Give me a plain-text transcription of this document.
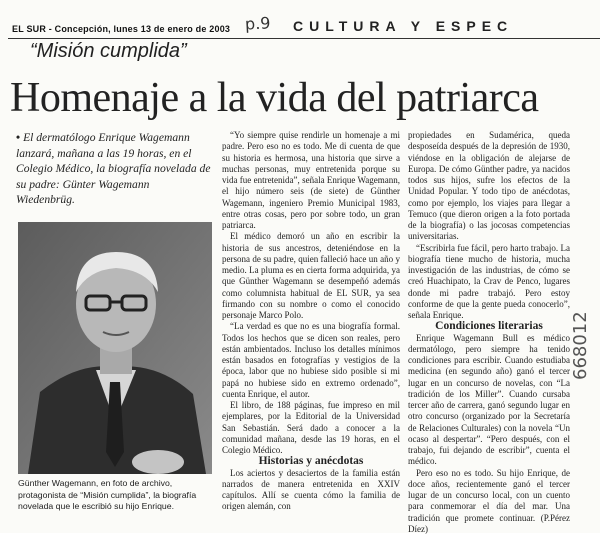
EL SUR - Concepción, lunes 13 de enero de 2003 p.9 CULTURA Y ESPEC
“Misión cumplida”
Homenaje a la vida del patriarca
• El dermatólogo Enrique Wagemann lanzará, mañana a las 19 horas, en el Colegio Médico, la biografía novelada de su padre: Günter Wagemann Wiedenbrüg.
Günther Wagemann, en foto de archivo, protagonista de “Misión cumplida”, la biografía novelada que le escribió su hijo Enrique.

“Yo siempre quise rendirle un homenaje a mi padre. Pero eso no es todo. Me di cuenta de que su historia es hermosa, una historia que sirve a muchas personas, muy entretenida porque su vida fue entretenida”, señala Enrique Wagemann, el hijo número seis (de siete) de Günther Wagemann, ingeniero Premio Municipal 1983, entre otras cosas, pero por sobre todo, un gran patriarca.

El médico demoró un año en escribir la historia de sus ancestros, deteniéndose en la persona de su padre, quien falleció hace un año y medio. La pluma es en cierta forma adquirida, ya que Günther Wagemann se desempeñó además como columnista habitual de EL SUR, ya sea firmando con su nombre o como el conocido personaje Marco Polo.

“La verdad es que no es una biografía formal. Todos los hechos que se dicen son reales, pero están ambientados. Incluso los detalles mínimos están basados en fotografías y vestigios de la época, labor que no hubiese sido posible si mi papá no hubiese sido en extremo ordenado”, cuenta Enrique, el autor.

El libro, de 188 páginas, fue impreso en mil ejemplares, por la Editorial de la Universidad San Sebastián. Será dado a conocer a la comunidad mañana, desde las 19 horas, en el Colegio Médico.

Historias y anécdotas

Los aciertos y desaciertos de la familia están narrados de manera entretenida en XXIV capítulos. Allí se cuenta cómo la familia de origen alemán, con

propiedades en Sudamérica, queda desposeída después de la depresión de 1930, viéndose en la obligación de alejarse de Europa. De cómo Günther padre, ya nacidos todos sus hijos, sufre los efectos de la Unidad Popular. Y todo tipo de anécdotas, como por ejemplo, los viajes para llegar a Temuco (que dieron origen a la foto portada de la biografía) o las jocosas competencias universitarias.

“Escribirla fue fácil, pero harto trabajo. La biografía tiene mucho de historia, mucha investigación de las industrias, de cómo se creó Huachipato, la Crav de Penco, lugares donde mi padre trabajó. Pero estoy conforme de que la gente pueda conocerlo”, señala Enrique.

Condiciones literarias

Enrique Wagemann Bull es médico dermatólogo, pero siempre ha tenido condiciones para escribir. Cuando estudiaba medicina (en segundo año) ganó el tercer lugar en un concurso de novelas, con “La tradición de los Miller”. Cuando cursaba tercer año de carrera, ganó segundo lugar en otro concurso (organizado por la Secretaría de Relaciones Culturales) con la novela “Un ocaso al despertar”. “Pero después, con el trabajo, fui dejando de escribir”, cuenta el médico.

Pero eso no es todo. Su hijo Enrique, de doce años, recientemente ganó el tercer lugar de un concurso local, con un cuento para conmemorar el día del mar. Una tradición que promete continuar. (P.Pérez Díez)

668012
